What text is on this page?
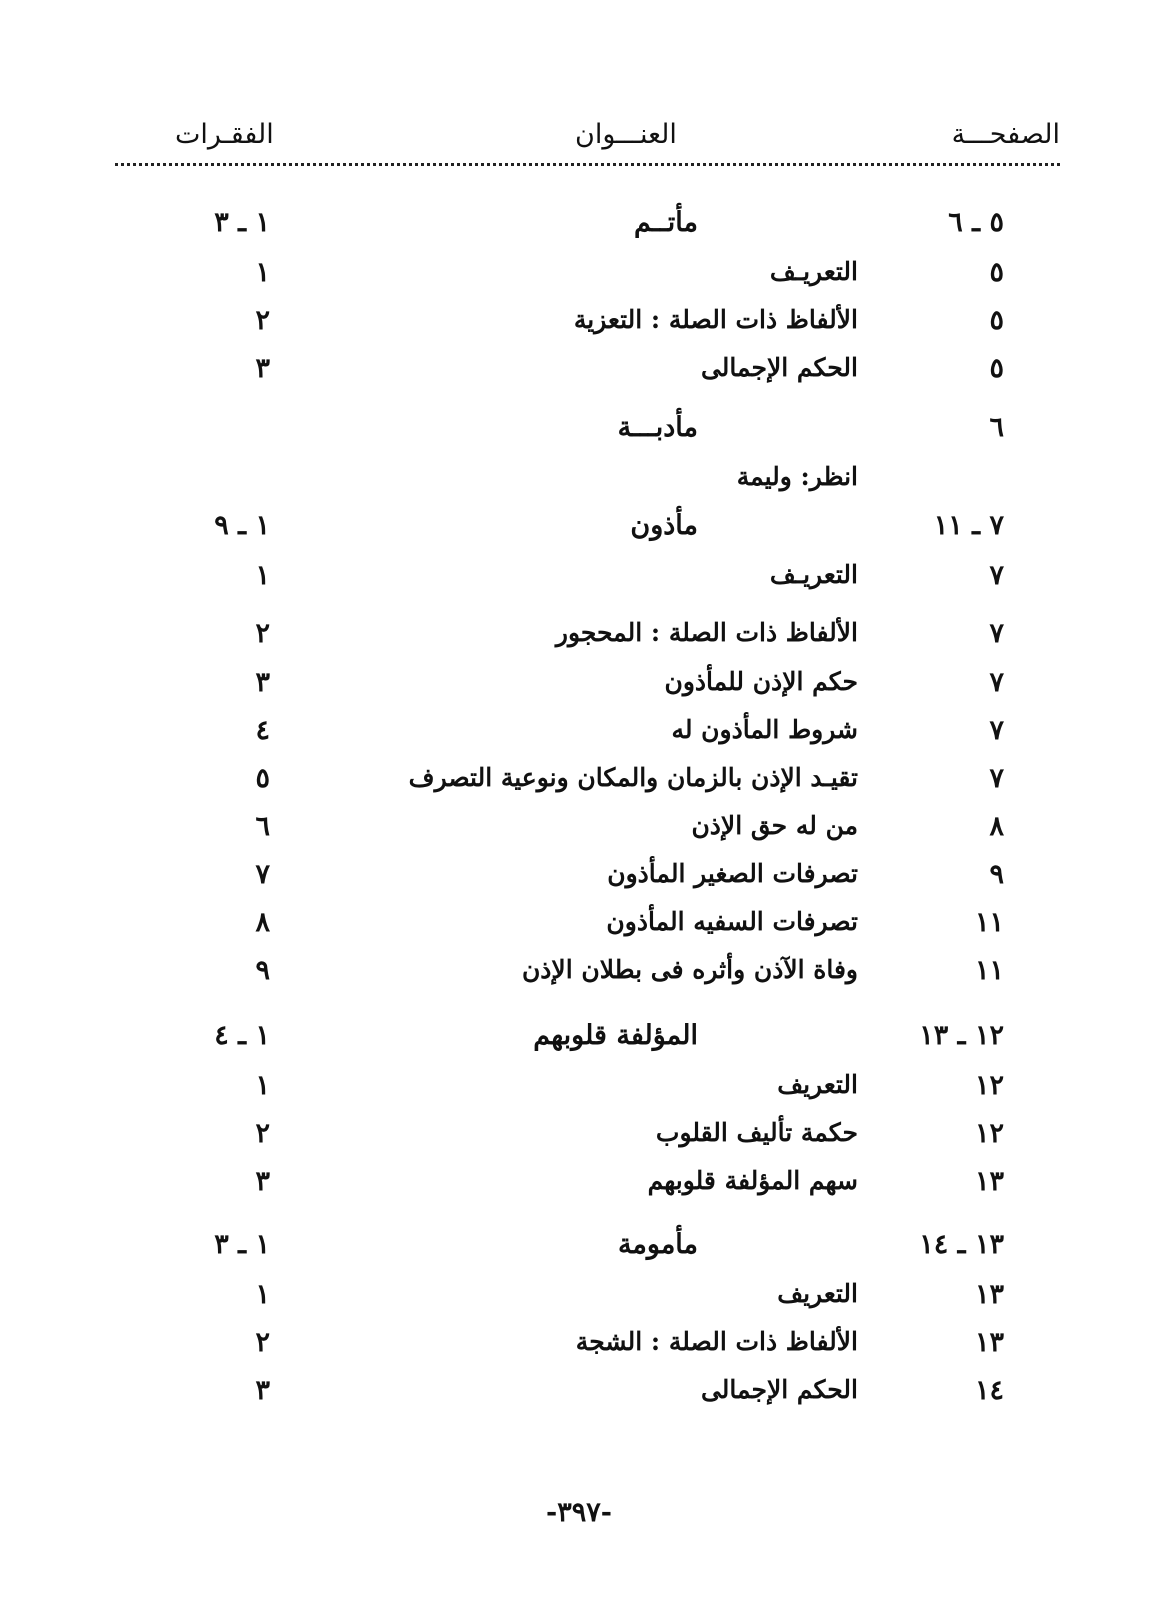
الصفحـــة
العنـــوان
الفقـرات
٥ ـ ٦
مأتــم
١ ـ ٣
٥
التعريـف
١
٥
الألفاظ ذات الصلة : التعزية
٢
٥
الحكم الإجمالى
٣
٦
مأدبـــة
انظر: وليمة
٧ ـ ١١
مأذون
١ ـ ٩
٧
التعريـف
١
٧
الألفاظ ذات الصلة : المحجور
٢
٧
حكم الإذن للمأذون
٣
٧
شروط المأذون له
٤
٧
تقيـد الإذن بالزمان والمكان ونوعية التصرف
٥
٨
من له حق الإذن
٦
٩
تصرفات الصغير المأذون
٧
١١
تصرفات السفيه المأذون
٨
١١
وفاة الآذن وأثره فى بطلان الإذن
٩
١٢ ـ ١٣
المؤلفة قلوبهم
١ ـ ٤
١٢
التعريف
١
١٢
حكمة تأليف القلوب
٢
١٣
سهم المؤلفة قلوبهم
٣
١٣ ـ ١٤
مأمومة
١ ـ ٣
١٣
التعريف
١
١٣
الألفاظ ذات الصلة : الشجة
٢
١٤
الحكم الإجمالى
٣
-٣٩٧-
